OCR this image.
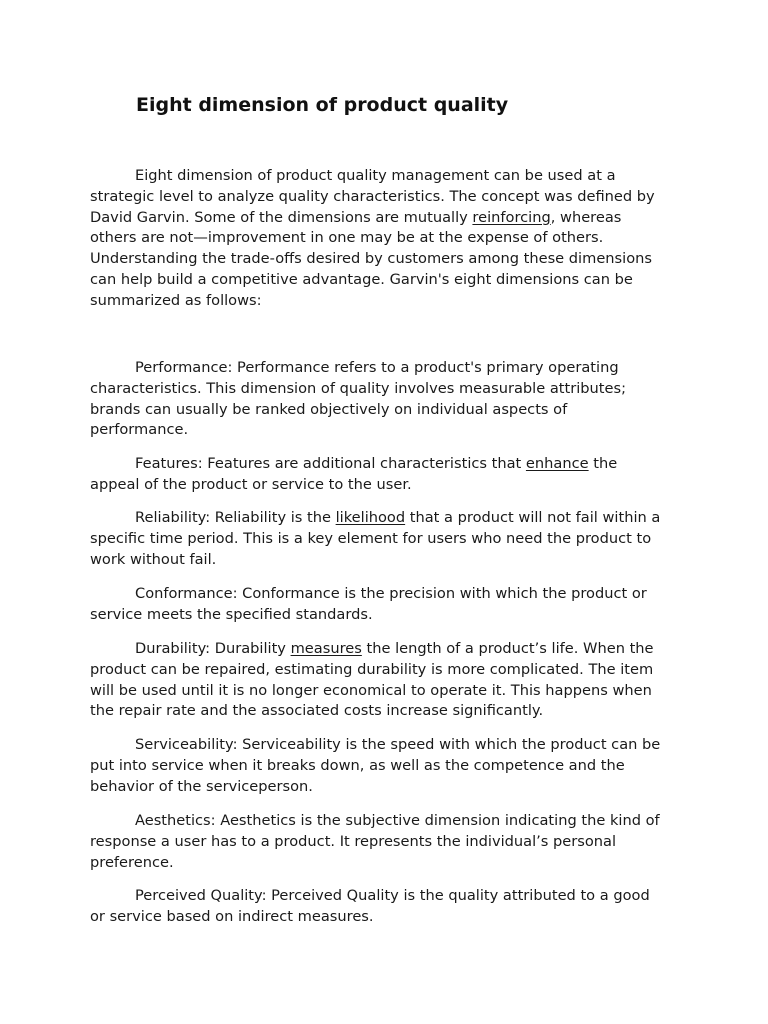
Eight dimension of product quality

Eight dimension of product quality management can be used at a
strategic level to analyze quality characteristics. The concept was defined by
David Garvin. Some of the dimensions are mutually reinforcing, whereas
others are not—improvement in one may be at the expense of others.
Understanding the trade-offs desired by customers among these dimensions
can help build a competitive advantage. Garvin's eight dimensions can be
summarized as follows:

Performance: Performance refers to a product's primary operating
characteristics. This dimension of quality involves measurable attributes;
brands can usually be ranked objectively on individual aspects of
performance.

Features: Features are additional characteristics that enhance the
appeal of the product or service to the user.

Reliability: Reliability is the likelihood that a product will not fail within a
specific time period. This is a key element for users who need the product to
work without fail.

Conformance: Conformance is the precision with which the product or
service meets the specified standards.

Durability: Durability measures the length of a product’s life. When the
product can be repaired, estimating durability is more complicated. The item
will be used until it is no longer economical to operate it. This happens when
the repair rate and the associated costs increase significantly.

Serviceability: Serviceability is the speed with which the product can be
put into service when it breaks down, as well as the competence and the
behavior of the serviceperson.

Aesthetics: Aesthetics is the subjective dimension indicating the kind of
response a user has to a product. It represents the individual’s personal
preference.

Perceived Quality: Perceived Quality is the quality attributed to a good
or service based on indirect measures.
